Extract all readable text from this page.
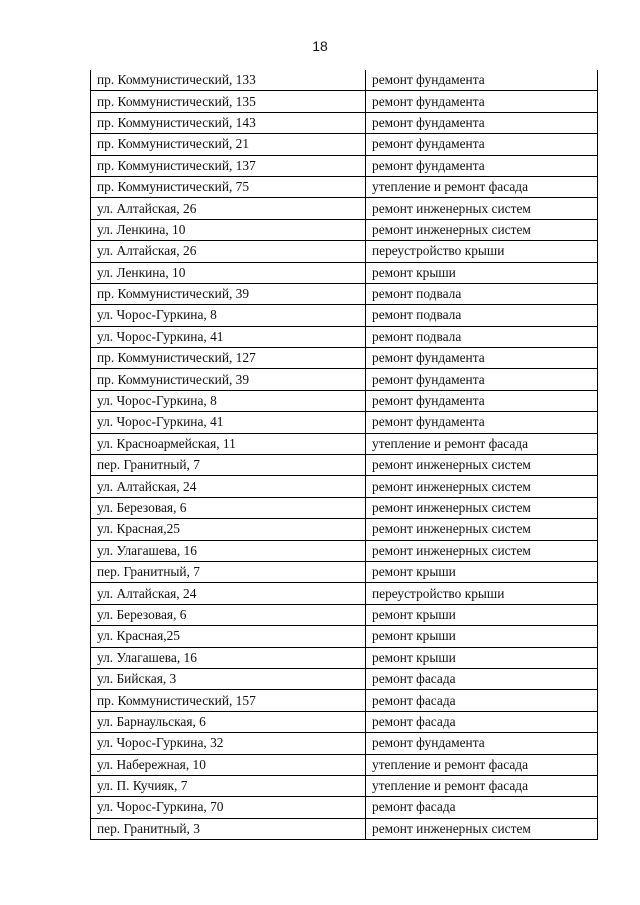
18
пр. Коммунистический, 133	ремонт фундамента
пр. Коммунистический, 135	ремонт фундамента
пр. Коммунистический, 143	ремонт фундамента
пр. Коммунистический, 21	ремонт фундамента
пр. Коммунистический, 137	ремонт фундамента
пр. Коммунистический, 75	утепление и ремонт фасада
ул. Алтайская, 26	ремонт инженерных систем
ул. Ленкина, 10	ремонт инженерных систем
ул. Алтайская, 26	переустройство крыши
ул. Ленкина, 10	ремонт крыши
пр. Коммунистический, 39	ремонт подвала
ул. Чорос-Гуркина, 8	ремонт подвала
ул. Чорос-Гуркина, 41	ремонт подвала
пр. Коммунистический, 127	ремонт фундамента
пр. Коммунистический, 39	ремонт фундамента
ул. Чорос-Гуркина, 8	ремонт фундамента
ул. Чорос-Гуркина, 41	ремонт фундамента
ул. Красноармейская, 11	утепление и ремонт фасада
пер. Гранитный, 7	ремонт инженерных систем
ул. Алтайская, 24	ремонт инженерных систем
ул. Березовая, 6	ремонт инженерных систем
ул. Красная,25	ремонт инженерных систем
ул. Улагашева, 16	ремонт инженерных систем
пер. Гранитный, 7	ремонт крыши
ул. Алтайская, 24	переустройство крыши
ул. Березовая, 6	ремонт крыши
ул. Красная,25	ремонт крыши
ул. Улагашева, 16	ремонт крыши
ул. Бийская, 3	ремонт фасада
пр. Коммунистический, 157	ремонт фасада
ул. Барнаульская, 6	ремонт фасада
ул. Чорос-Гуркина, 32	ремонт фундамента
ул. Набережная, 10	утепление и ремонт фасада
ул. П. Кучияк, 7	утепление и ремонт фасада
ул. Чорос-Гуркина, 70	ремонт фасада
пер. Гранитный, 3	ремонт инженерных систем
